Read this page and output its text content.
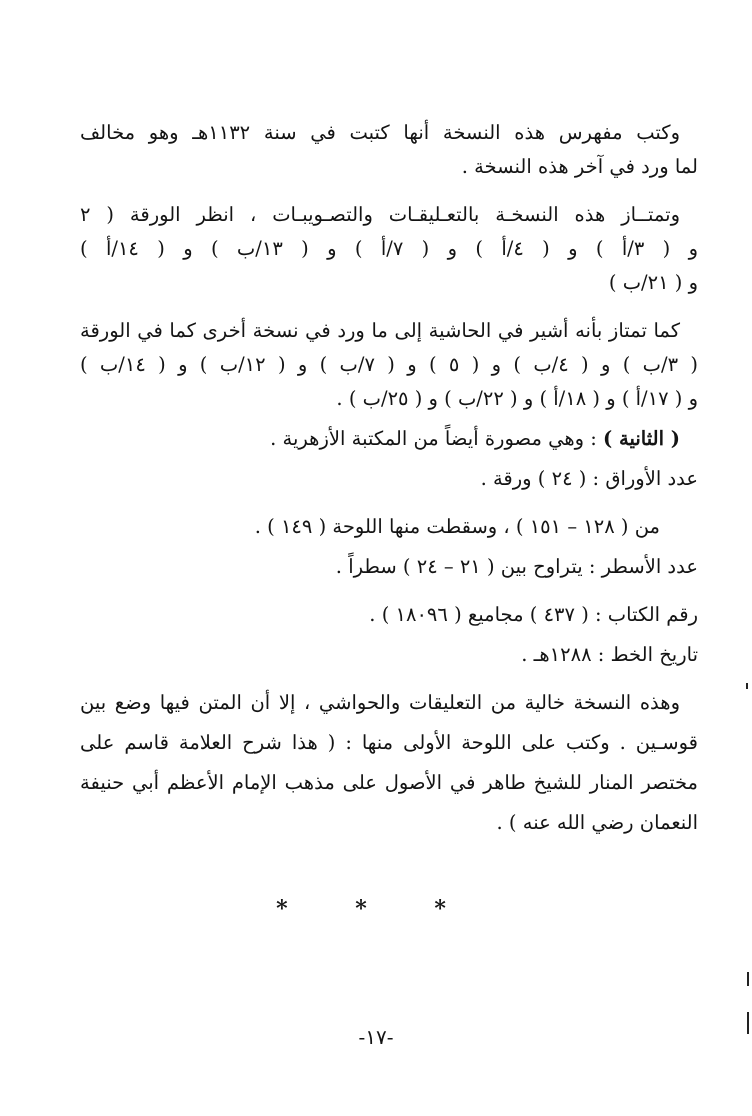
وكتب مفهرس هذه النسخة أنها كتبت في سنة ١١٣٢هـ وهو مخالف
لما ورد في آخر هذه النسخة .
وتمتــاز هذه النسخـة بالتعـليقـات والتصـويبـات ، انظر الورقة ( ٢
و ( ٣/أ ) و ( ٤/أ ) و ( ٧/أ ) و ( ١٣/ب ) و ( ١٤/أ )
و ( ٢١/ب )
كما تمتاز بأنه أشير في الحاشية إلى ما ورد في نسخة أخرى كما في الورقة
( ٣/ب ) و ( ٤/ب ) و ( ٥ ) و ( ٧/ب ) و ( ١٢/ب ) و ( ١٤/ب )
و ( ١٧/أ ) و ( ١٨/أ ) و ( ٢٢/ب ) و ( ٢٥/ب ) .
( الثانية ) : وهي مصورة أيضاً من المكتبة الأزهرية .
عدد الأوراق : ( ٢٤ ) ورقة .
من ( ١٢٨ – ١٥١ ) ، وسقطت منها اللوحة ( ١٤٩ ) .
عدد الأسطر : يتراوح بين ( ٢١ – ٢٤ ) سطراً .
رقم الكتاب : ( ٤٣٧ ) مجاميع ( ١٨٠٩٦ ) .
تاريخ الخط : ١٢٨٨هـ .
وهذه النسخة خالية من التعليقات والحواشي ، إلا أن المتن فيها وضع بين
قوسـين . وكتب على اللوحة الأولى منها : ( هذا شرح العلامة قاسم على
مختصر المنار للشيخ طاهر في الأصول على مذهب الإمام الأعظم أبي حنيفة
النعمان رضي الله عنه ) .
* * *
-١٧-
